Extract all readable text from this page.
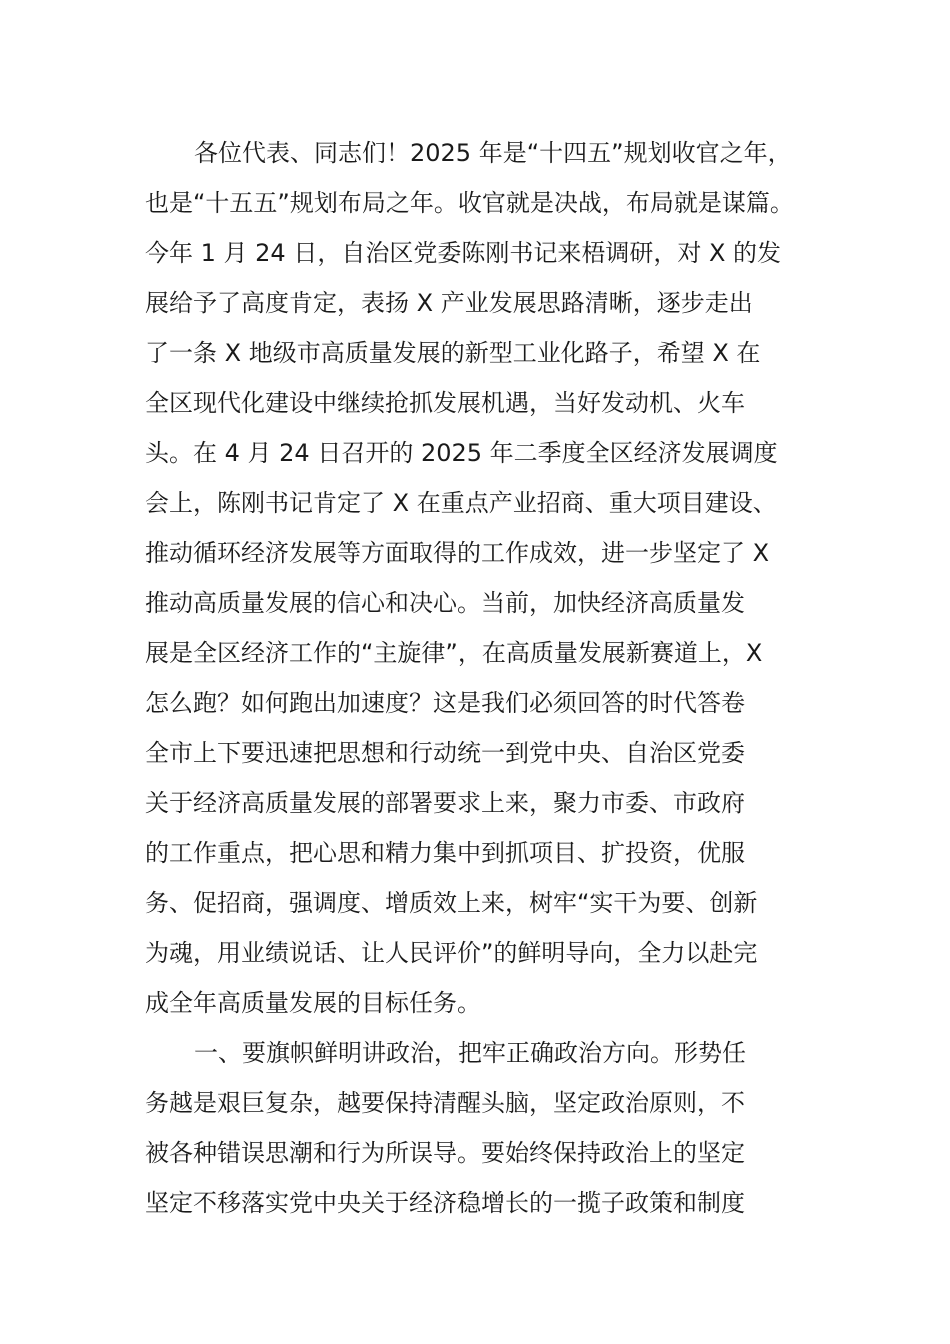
各位代表、同志们！2025 年是“十四五”规划收官之年，
也是“十五五”规划布局之年。收官就是决战，布局就是谋篇。
今年 1 月 24 日，自治区党委陈刚书记来梧调研，对 X 的发
展给予了高度肯定，表扬 X 产业发展思路清晰，逐步走出
了一条 X 地级市高质量发展的新型工业化路子，希望 X 在
全区现代化建设中继续抢抓发展机遇，当好发动机、火车
头。在 4 月 24 日召开的 2025 年二季度全区经济发展调度
会上，陈刚书记肯定了 X 在重点产业招商、重大项目建设、
推动循环经济发展等方面取得的工作成效，进一步坚定了 X
推动高质量发展的信心和决心。当前，加快经济高质量发
展是全区经济工作的“主旋律”，在高质量发展新赛道上，X
怎么跑？如何跑出加速度？这是我们必须回答的时代答卷
全市上下要迅速把思想和行动统一到党中央、自治区党委
关于经济高质量发展的部署要求上来，聚力市委、市政府
的工作重点，把心思和精力集中到抓项目、扩投资，优服
务、促招商，强调度、增质效上来，树牢“实干为要、创新
为魂，用业绩说话、让人民评价”的鲜明导向，全力以赴完
成全年高质量发展的目标任务。
一、要旗帜鲜明讲政治，把牢正确政治方向。形势任
务越是艰巨复杂，越要保持清醒头脑，坚定政治原则，不
被各种错误思潮和行为所误导。要始终保持政治上的坚定
坚定不移落实党中央关于经济稳增长的一揽子政策和制度
